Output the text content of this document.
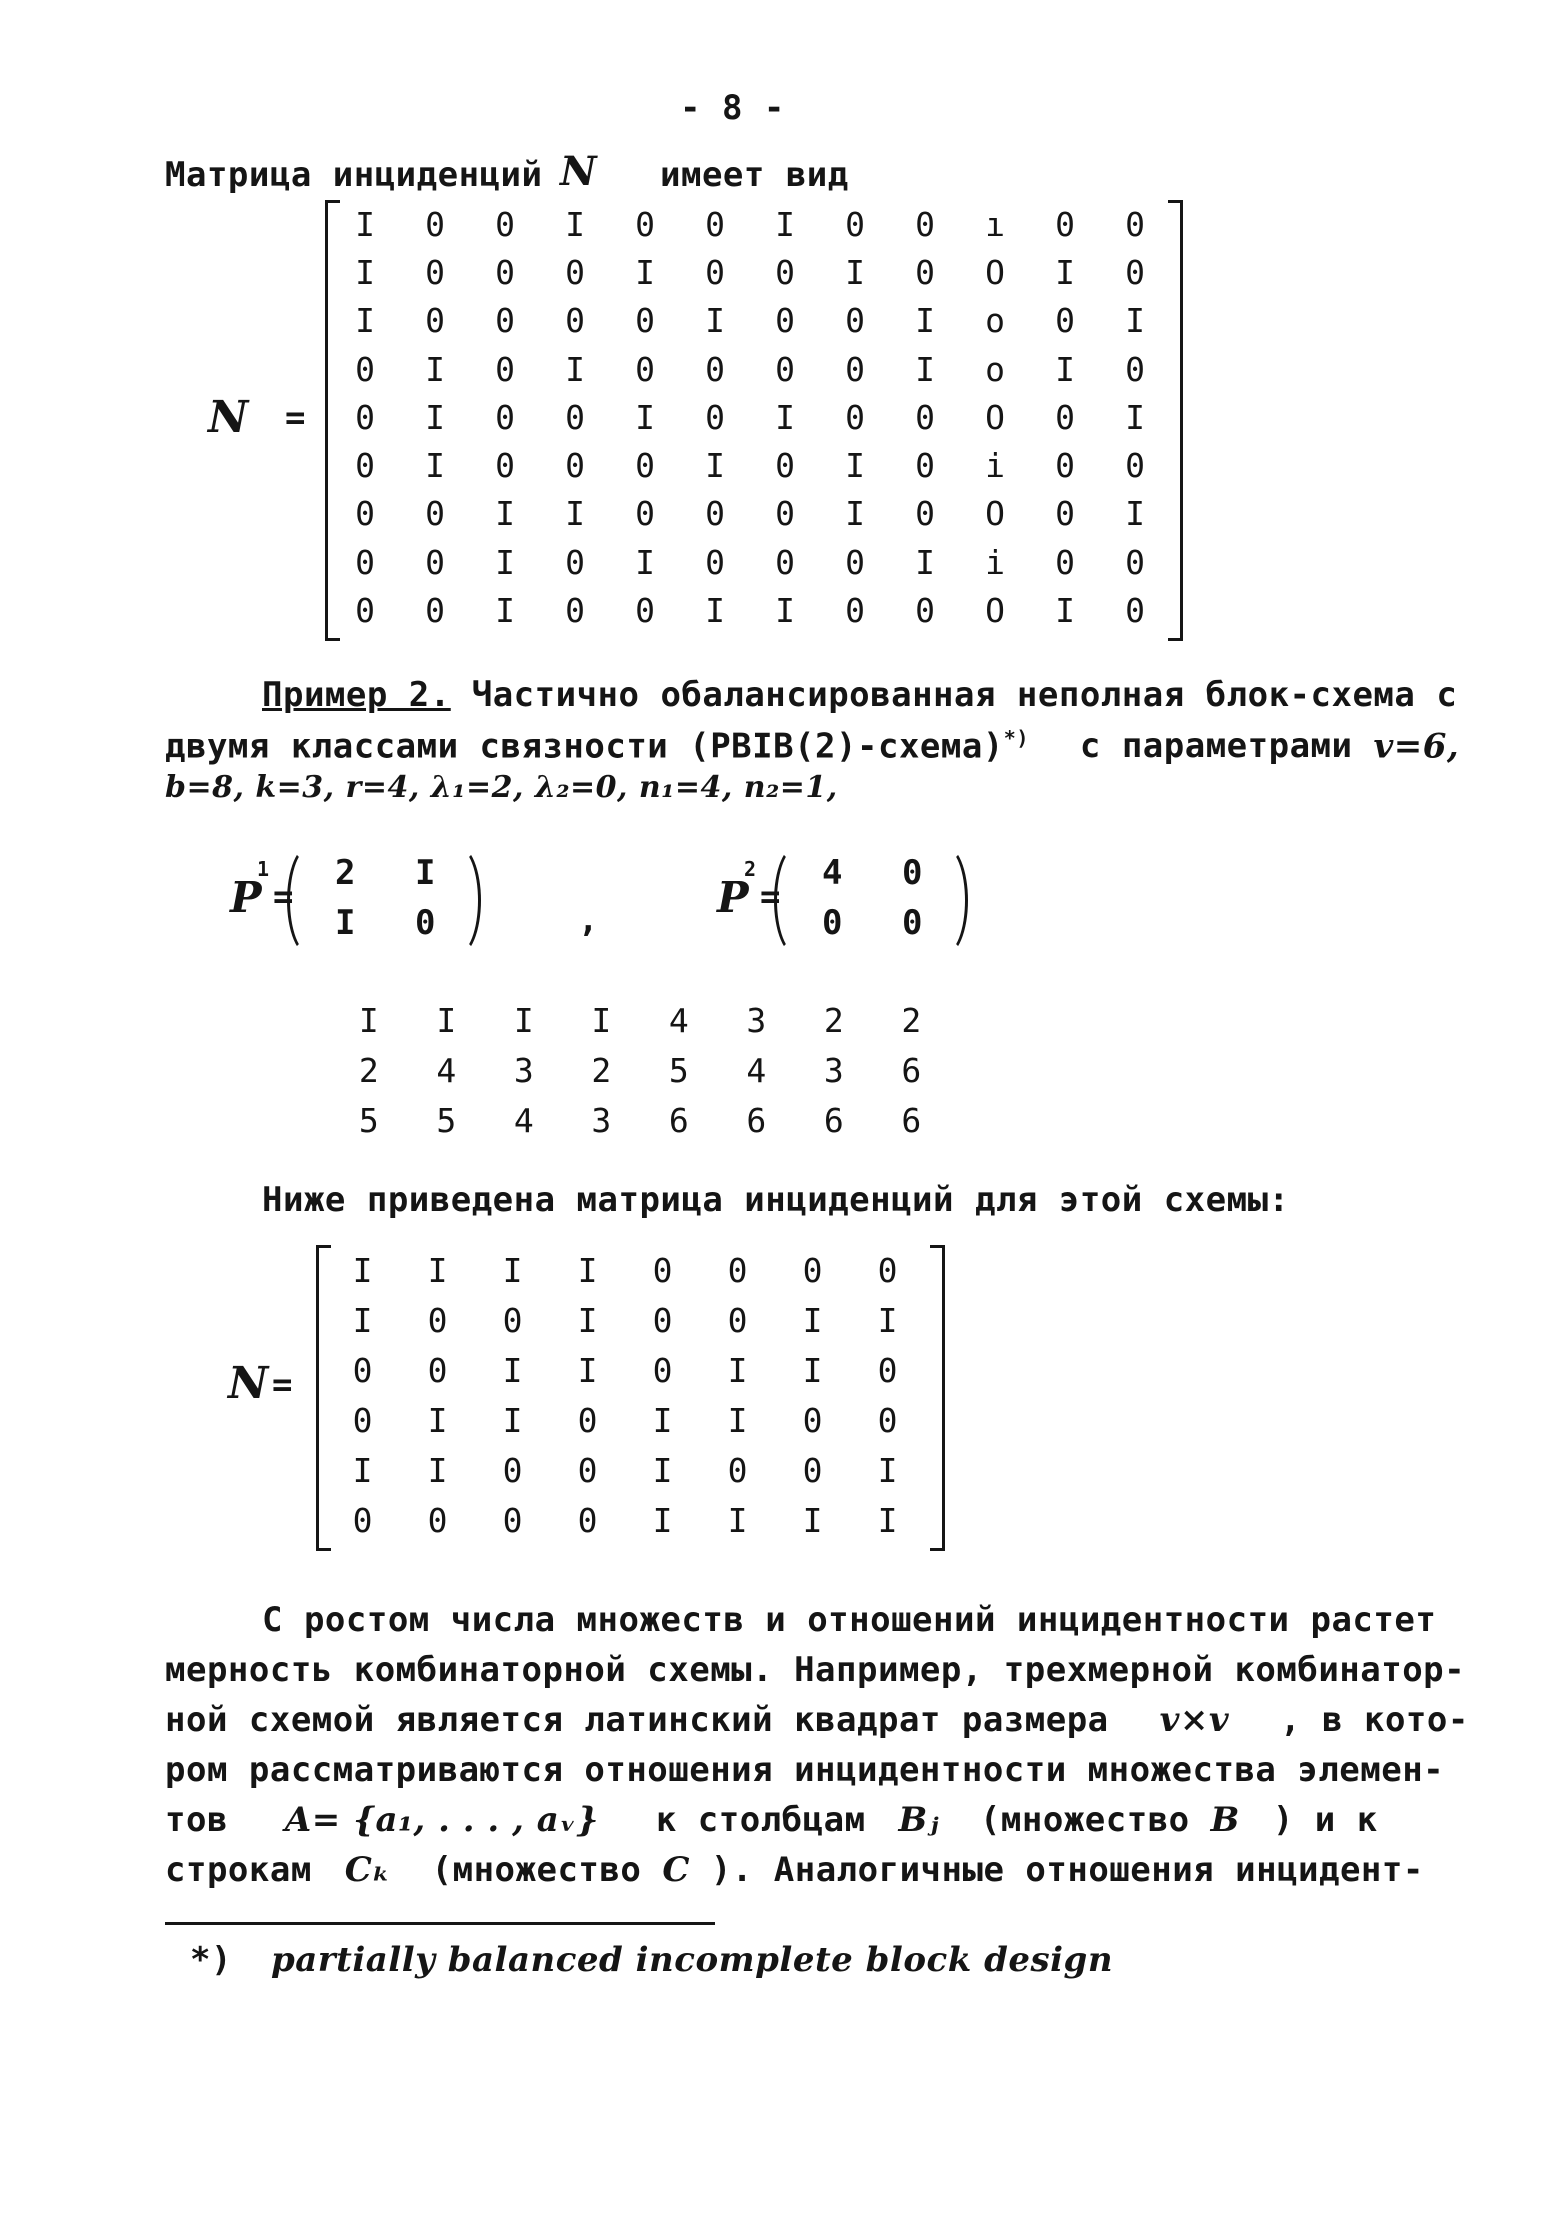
- 8 -
Матрица инциденций N имеет вид
N =
I	0	0	I	0	0	I	0	0	ı	0	0
I	0	0	0	I	0	0	I	0	O	I	0
I	0	0	0	0	I	0	0	I	o	0	I
0	I	0	I	0	0	0	0	I	o	I	0
0	I	0	0	I	0	I	0	0	O	0	I
0	I	0	0	0	I	0	I	0	i	0	0
0	0	I	I	0	0	0	I	0	O	0	I
0	0	I	0	I	0	0	0	I	i	0	0
0	0	I	0	0	I	I	0	0	O	I	0
Пример 2. Частично обалансированная неполная блок-схема с
двумя классами связности (PBIB(2)-схема)*) с параметрами v=6,
b=8, k=3, r=4, λ₁=2, λ₂=0, n₁=4, n₂=1,
P
1
=
2 I
I 0	,	P
2
=
4 0
0 0
I	I	I	I	4	3	2	2
2	4	3	2	5	4	3	6
5	5	4	3	6	6	6	6
Ниже приведена матрица инциденций для этой схемы:
N =
I	I	I	I	0	0	0	0
I	0	0	I	0	0	I	I
0	0	I	I	0	I	I	0
0	I	I	0	I	I	0	0
I	I	0	0	I	0	0	I
0	0	0	0	I	I	I	I
С ростом числа множеств и отношений инцидентности растет
мерность комбинаторной схемы. Например, трехмерной комбинатор-
ной схемой является латинский квадрат размера v×v , в кото-
ром рассматриваются отношения инцидентности множества элемен-
тов A= {a₁, . . . , aᵥ} к столбцам Bⱼ (множество B ) и к
строкам Cₖ (множество C ). Аналогичные отношения инцидент-
*) partially balanced incomplete block design
